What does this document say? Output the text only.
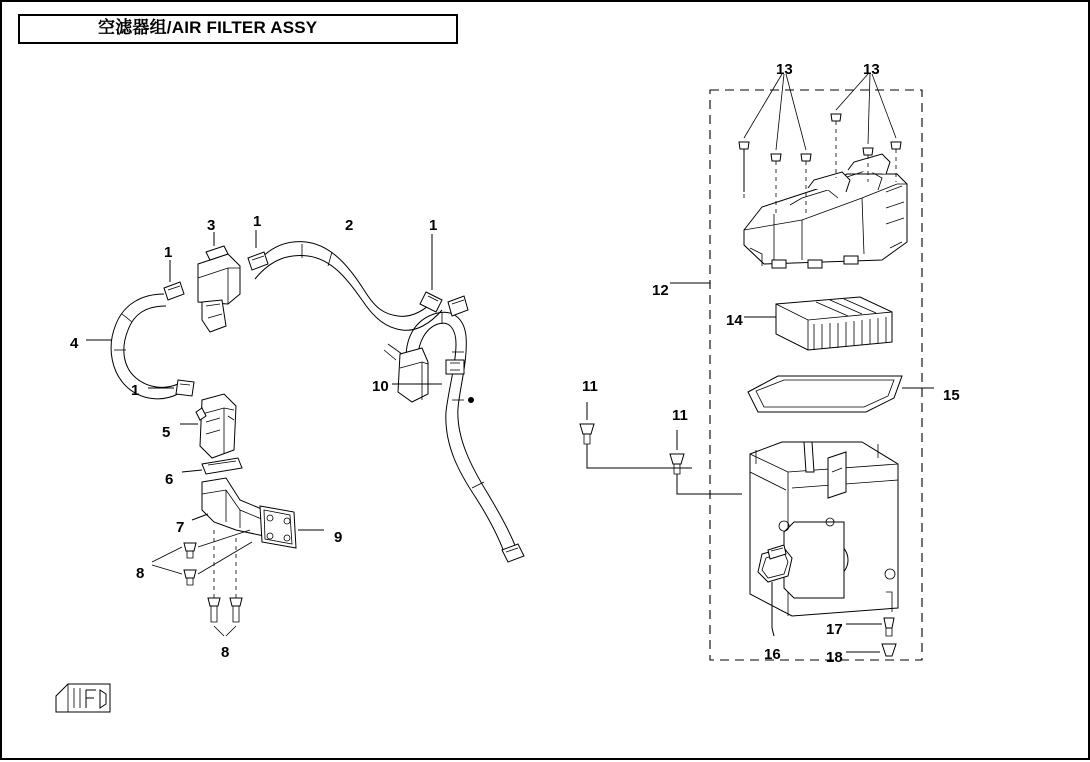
空滤器组/AIR FILTER ASSY
1
1	1
1
2
3
4
5
6
7
8
8
9
10	11
11
12
13	13
14
15
16
17
18
